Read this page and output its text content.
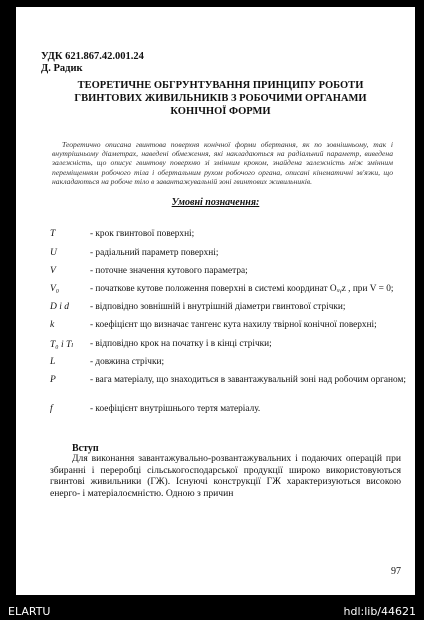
УДК 621.867.42.001.24
Д. Радик
ТЕОРЕТИЧНЕ ОБГРУНТУВАННЯ ПРИНЦИПУ РОБОТИ ГВИНТОВИХ ЖИВИЛЬНИКІВ З РОБОЧИМИ ОРГАНАМИ КОНІЧНОЇ ФОРМИ
Теоретично описана гвинтова поверхня конічної форми обертання, як по зовнішньому, так і внутрішньому діаметрах, наведені обмеження, які накладаються на радіальний параметр, виведена залежність, що описує гвинтову поверхню зі змінним кроком, знайдена залежність між змінним переміщенням робочого тіла і обертальним рухом робочого органа, описані кінематичні зв'язки, що накладаються на робоче тіло в завантажувальній зоні гвинтових живильників.
Умовні позначення:
T	- крок гвинтової поверхні;
U	- радіальний параметр поверхні;
V	- поточне значення кутового параметра;
V₀	- початкове кутове положення поверхні в системі координат Oₓᵧz , при V = 0;
D і d - відповідно зовнішній і внутрішній діаметри гвинтової стрічки;
k	- коефіцієнт що визначає тангенс кута нахилу твірної конічної поверхні;
T₀ і Tₗ - відповідно крок на початку і в кінці стрічки;
L	- довжина стрічки;
P	- вага матеріалу, що знаходиться в завантажувальній зоні над робочим органом;
f	- коефіцієнт внутрішнього тертя матеріалу.
Вступ
Для виконання завантажувально-розвантажувальних і подаючих операцій при збиранні і переробці сільськогосподарської продукції широко використовуються гвинтові живильники (ГЖ). Існуючі конструкції ГЖ характеризуються високою енерго- і матеріалоємністю. Одною з причин
97
ELARTU	hdl:lib/44621
